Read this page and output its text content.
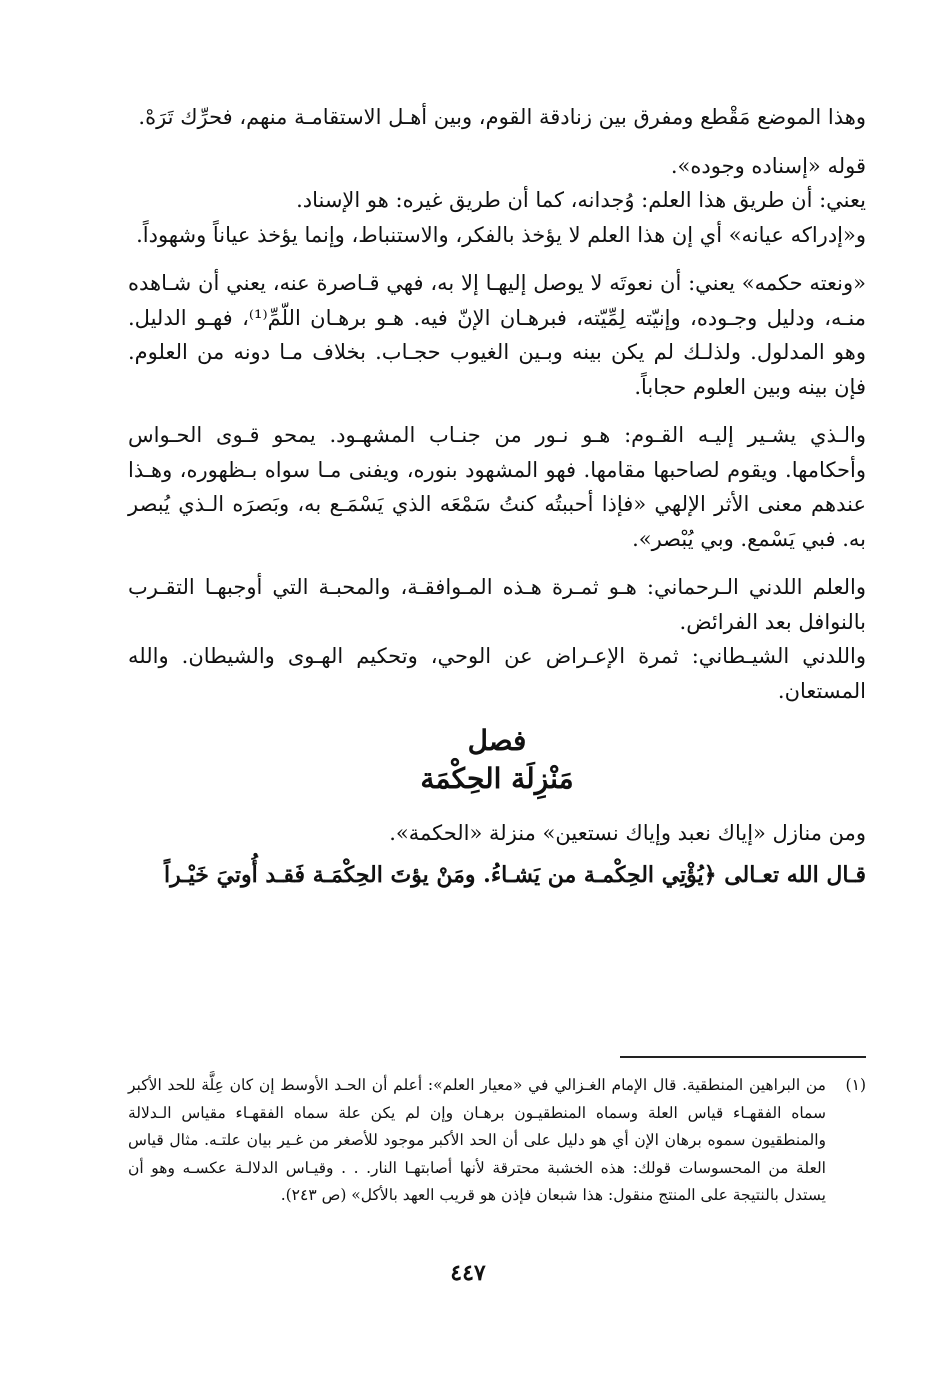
وهذا الموضع مَقْطع ومفرق بين زنادقة القوم، وبين أهـل الاستقامـة منهم، فحرِّك تَرَهْ.

قوله «إسناده وجوده».

يعني: أن طريق هذا العلم: وُجدانه، كما أن طريق غيره: هو الإسناد.

و«إدراكه عيانه» أي إن هذا العلم لا يؤخذ بالفكر، والاستنباط، وإنما يؤخذ عياناً وشهوداً.

«ونعته حكمه» يعني: أن نعوتَه لا يوصل إليهـا إلا به، فهي قـاصرة عنه، يعني أن شـاهده منـه، ودليل وجـوده، وإنيّته لِمِّيّته، فبرهـان الإنّ فيه. هـو برهـان اللّمِّ⁽¹⁾، فهـو الدليل. وهو المدلول. ولذلـك لم يكن بينه وبـين الغيوب حجـاب. بخلاف مـا دونه من العلوم. فإن بينه وبين العلوم حجاباً.

والـذي يشـير إليـه القـوم: هـو نـور من جنـاب المشهـود. يمحو قـوى الحـواس وأحكامها. ويقوم لصاحبها مقامها. فهو المشهود بنوره، ويفنى مـا سواه بـظهوره، وهـذا عندهم معنى الأثر الإلهي «فإذا أحببتُه كنتُ سَمْعَه الذي يَسْمَـع به، وبَصرَه الـذي يُبصر به. فبي يَسْمع. وبي يُبْصر».

والعلم اللدني الـرحماني: هـو ثمـرة هـذه المـوافقـة، والمحبـة التي أوجبهـا التقـرب بالنوافل بعد الفرائض.

واللدني الشيـطاني: ثمرة الإعـراض عن الوحي، وتحكيم الهـوى والشيطان. والله المستعان.

فصل
مَنْزِلَة الحِكْمَة

ومن منازل «إياك نعبد وإياك نستعين» منزلة «الحكمة».

قـال الله تعـالى ﴿يُؤْتِي الحِكْمـة من يَشـاءُ. ومَنْ يؤتَ الحِكْمَـة فَقـد أُوتيَ خَيْـراً

(١)
من البراهين المنطقية. قال الإمام الغـزالي في «معيار العلم»: أعلم أن الحـد الأوسط إن كان عِلَّة للحد الأكبر سماه الفقهـاء قياس العلة وسماه المنطقيـون برهـان وإن لم يكن علة سماه الفقهـاء مقياس الـدلالة والمنطقيون سموه برهان الإن أي هو دليل على أن الحد الأكبر موجود للأصغر من غـير بيان علتـه. مثال قياس العلة من المحسوسات قولك: هذه الخشبة محترقة لأنها أصابتهـا النار. . . وقيـاس الدلالـة عكسـه وهو أن يستدل بالنتيجة على المنتج منقول: هذا شبعان فإذن هو قريب العهد بالأكل» (ص ٢٤٣).
٤٤٧
